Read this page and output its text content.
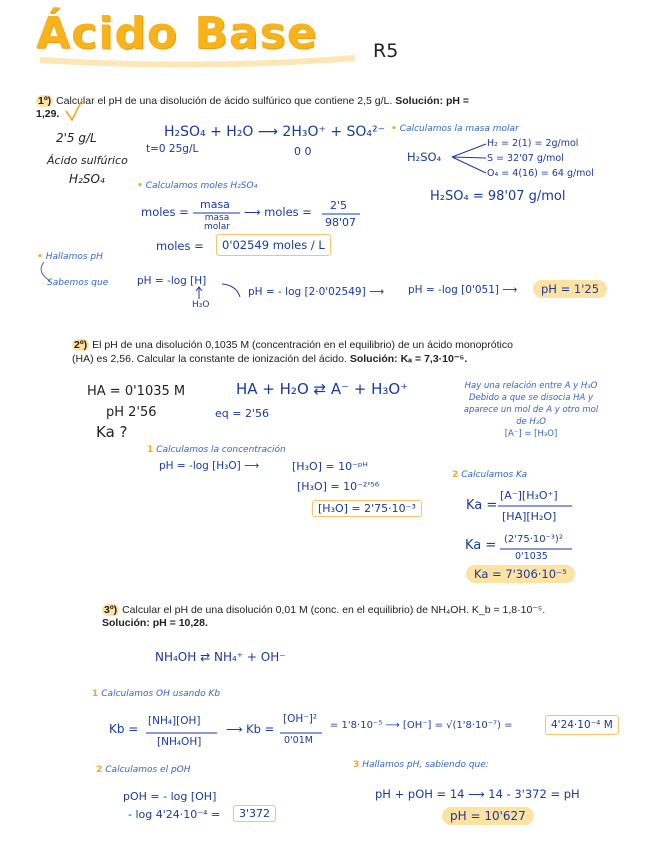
Ácido Base	R5
1º) Calcular el pH de una disolución de ácido sulfúrico que contiene 2,5 g/L. Solución: pH =
1,29.
2'5 g/L
Ácido sulfúrico
H₂SO₄
H₂SO₄ + H₂O ⟶ 2H₃O⁺ + SO₄²⁻
t=0 25g/L	0 0
• Calculamos la masa molar
H₂SO₄
H₂ = 2(1) = 2g/mol
S = 32'07 g/mol
O₄ = 4(16) = 64 g/mol
H₂SO₄ = 98'07 g/mol
• Calculamos moles H₂SO₄
moles =
masa
masa molar
⟶ moles = 2'5
98'07
moles =	0'02549 moles / L
• Hallamos pH
Sabemos que	pH = -log [H]
H₃O
pH = - log [2·0'02549] ⟶ pH = -log [0'051] ⟶	pH = 1'25
2º) El pH de una disolución 0,1035 M (concentración en el equilibrio) de un ácido monoprótico
(HA) es 2,56. Calcular la constante de ionización del ácido. Solución: Kₐ = 7,3·10⁻⁵.
HA = 0'1035 M
pH 2'56
Ka ?
HA + H₂O ⇄ A⁻ + H₃O⁺
eq = 2'56
Hay una relación entre A y H₃O
Debido a que se disocia HA y
aparece un mol de A y otro mol
de H₃O
[A⁻] = [H₃O]
1 Calculamos la concentración
pH = -log [H₃O] ⟶	[H₃O] = 10⁻ᵖᴴ
[H₃O] = 10⁻²'⁵⁶
[H₃O] = 2'75·10⁻³
2 Calculamos Ka
Ka =
[A⁻][H₃O⁺]
[HA][H₂O]
Ka = (2'75·10⁻³)²
0'1035
Ka = 7'306·10⁻⁵
3º) Calcular el pH de una disolución 0,01 M (conc. en el equilibrio) de NH₄OH. K_b = 1,8·10⁻⁵.
Solución: pH = 10,28.
NH₄OH ⇄ NH₄⁺ + OH⁻
1 Calculamos OH usando Kb
Kb =
[NH₄][OH]
[NH₄OH]
⟶ Kb =
[OH⁻]²
0'01M
= 1'8·10⁻⁵ ⟶ [OH⁻] = √(1'8·10⁻⁷) =	4'24·10⁻⁴ M
2 Calculamos el pOH
pOH = - log [OH]
- log 4'24·10⁻⁴ =	3'372
3 Hallamos pH, sabiendo que:
pH + pOH = 14 ⟶ 14 - 3'372 = pH
pH = 10'627
